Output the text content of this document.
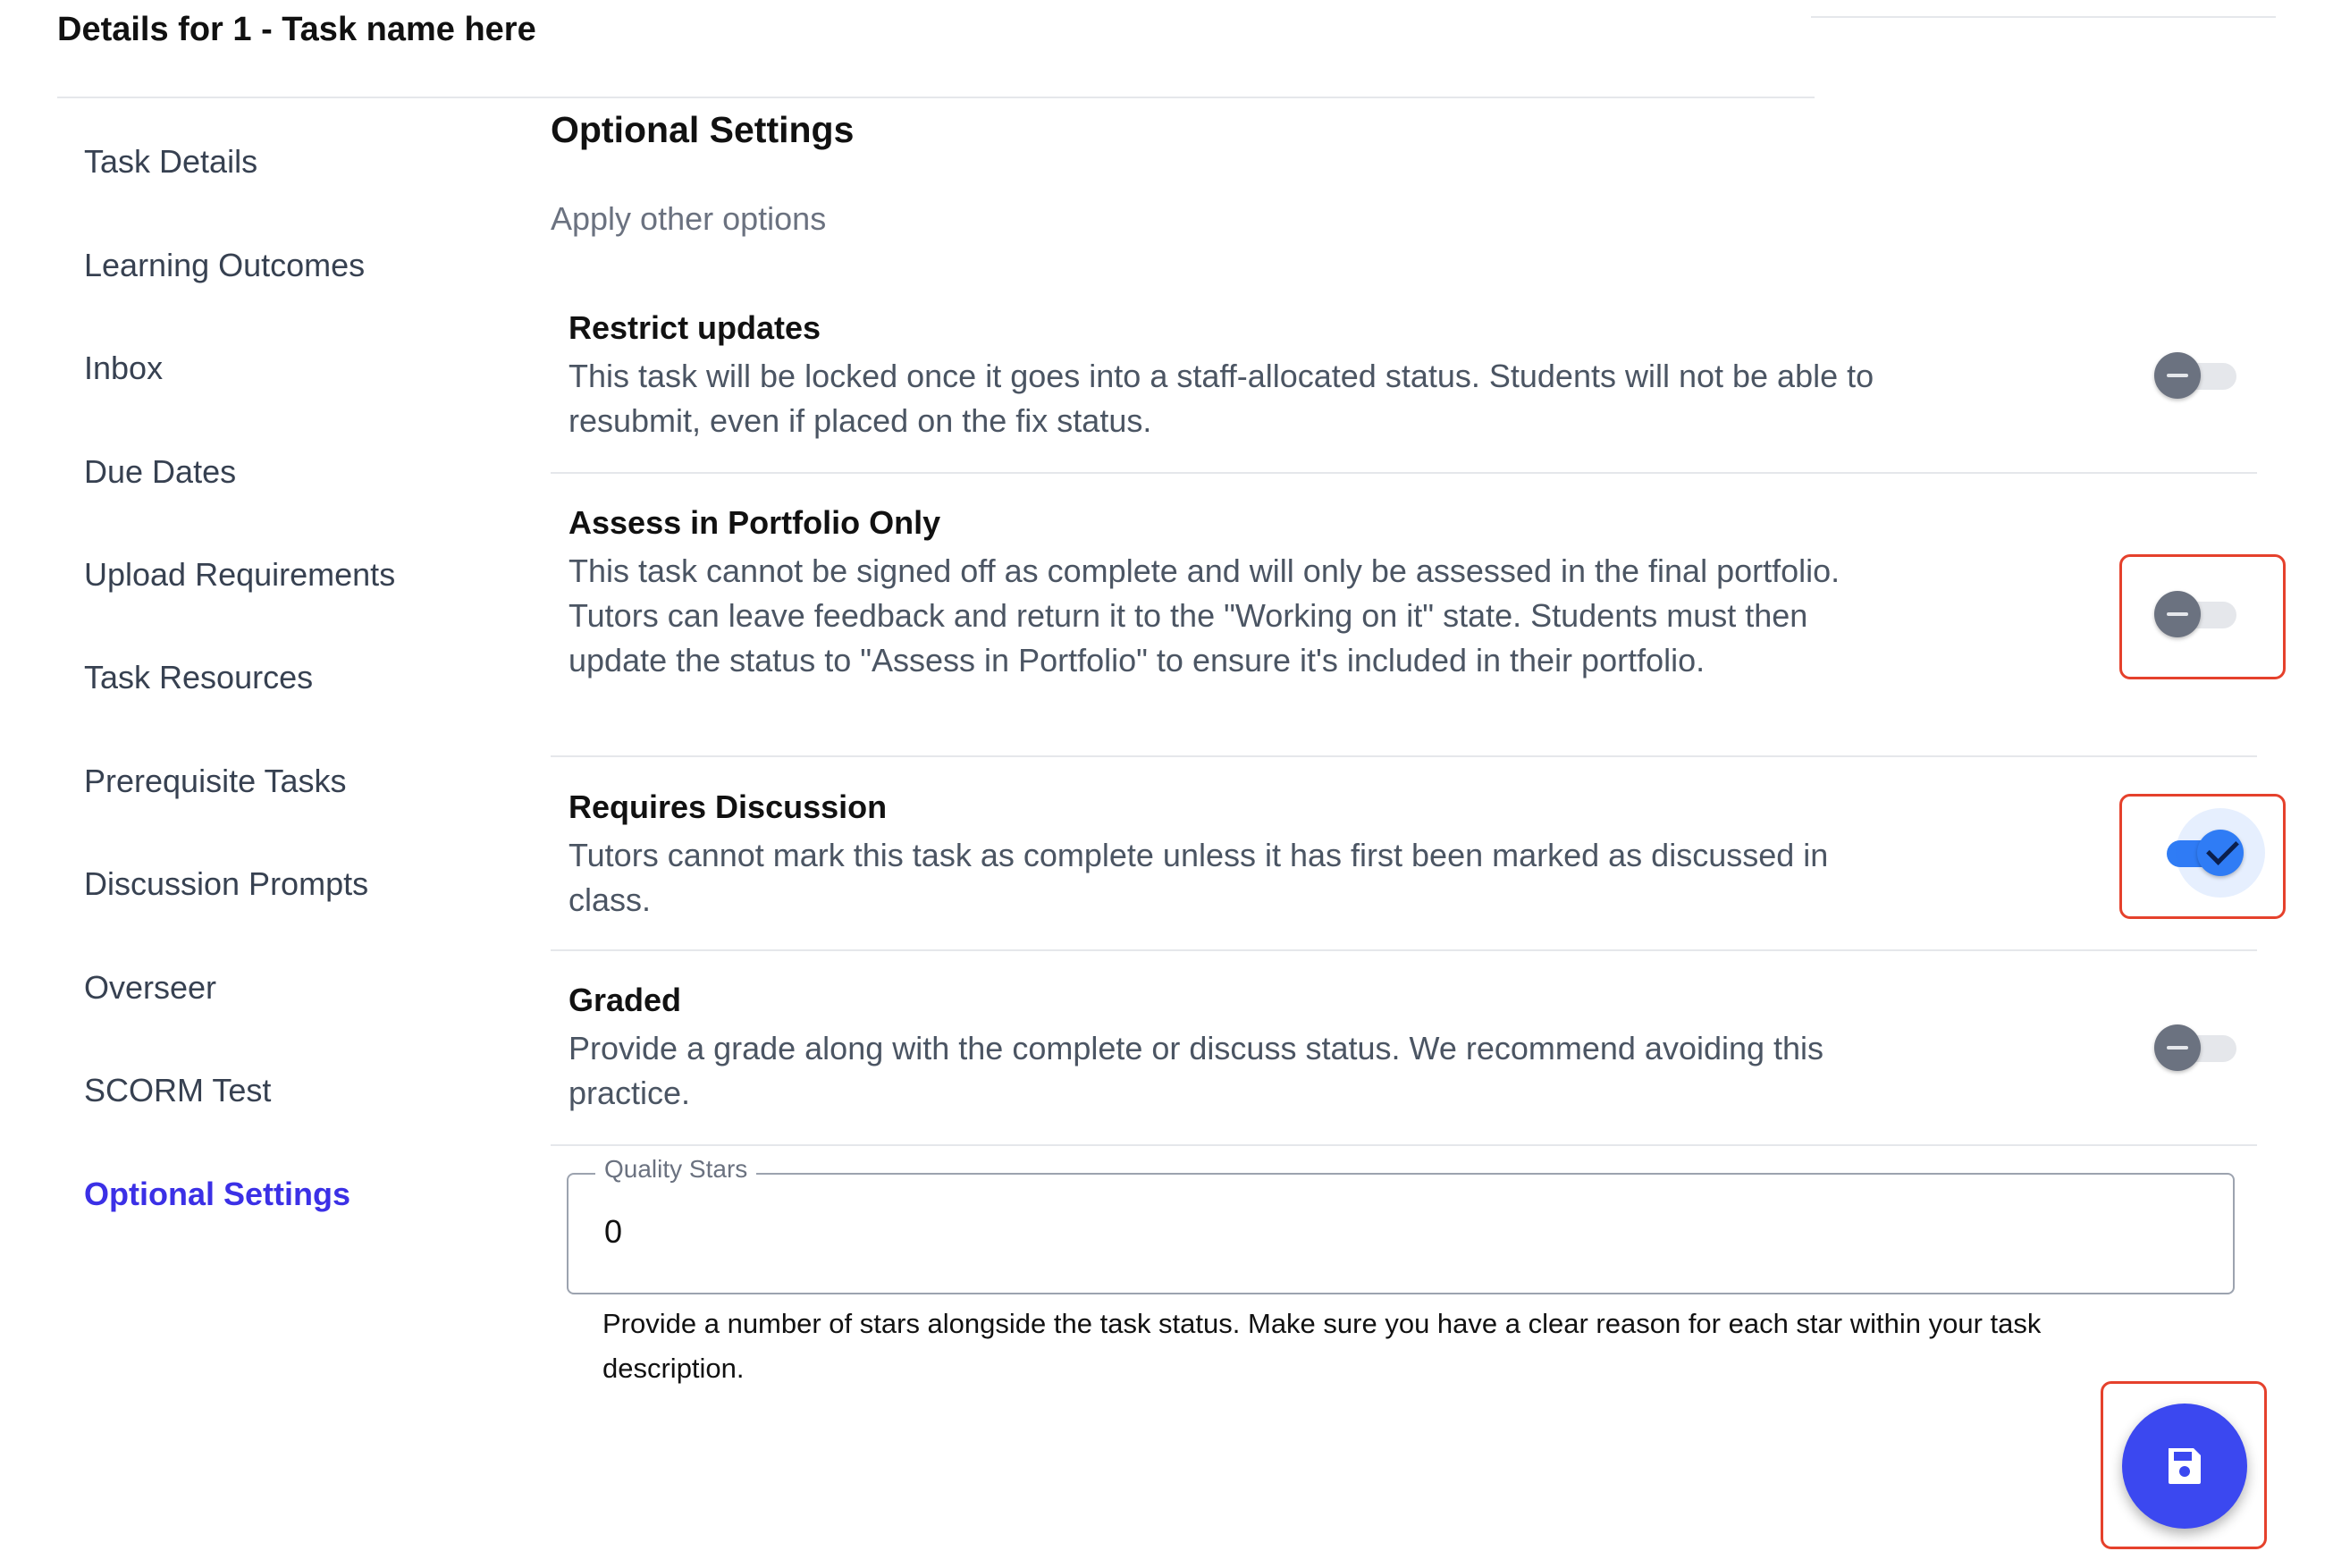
Details for 1 - Task name here
Task Details
Learning Outcomes
Inbox
Due Dates
Upload Requirements
Task Resources
Prerequisite Tasks
Discussion Prompts
Overseer
SCORM Test
Optional Settings
Optional Settings
Apply other options
Restrict updates
This task will be locked once it goes into a staff-allocated status. Students will not be able to resubmit, even if placed on the fix status.
Assess in Portfolio Only
This task cannot be signed off as complete and will only be assessed in the final portfolio. Tutors can leave feedback and return it to the "Working on it" state. Students must then update the status to "Assess in Portfolio" to ensure it's included in their portfolio.
Requires Discussion
Tutors cannot mark this task as complete unless it has first been marked as discussed in class.
Graded
Provide a grade along with the complete or discuss status. We recommend avoiding this practice.
Quality Stars
0
Provide a number of stars alongside the task status. Make sure you have a clear reason for each star within your task description.
